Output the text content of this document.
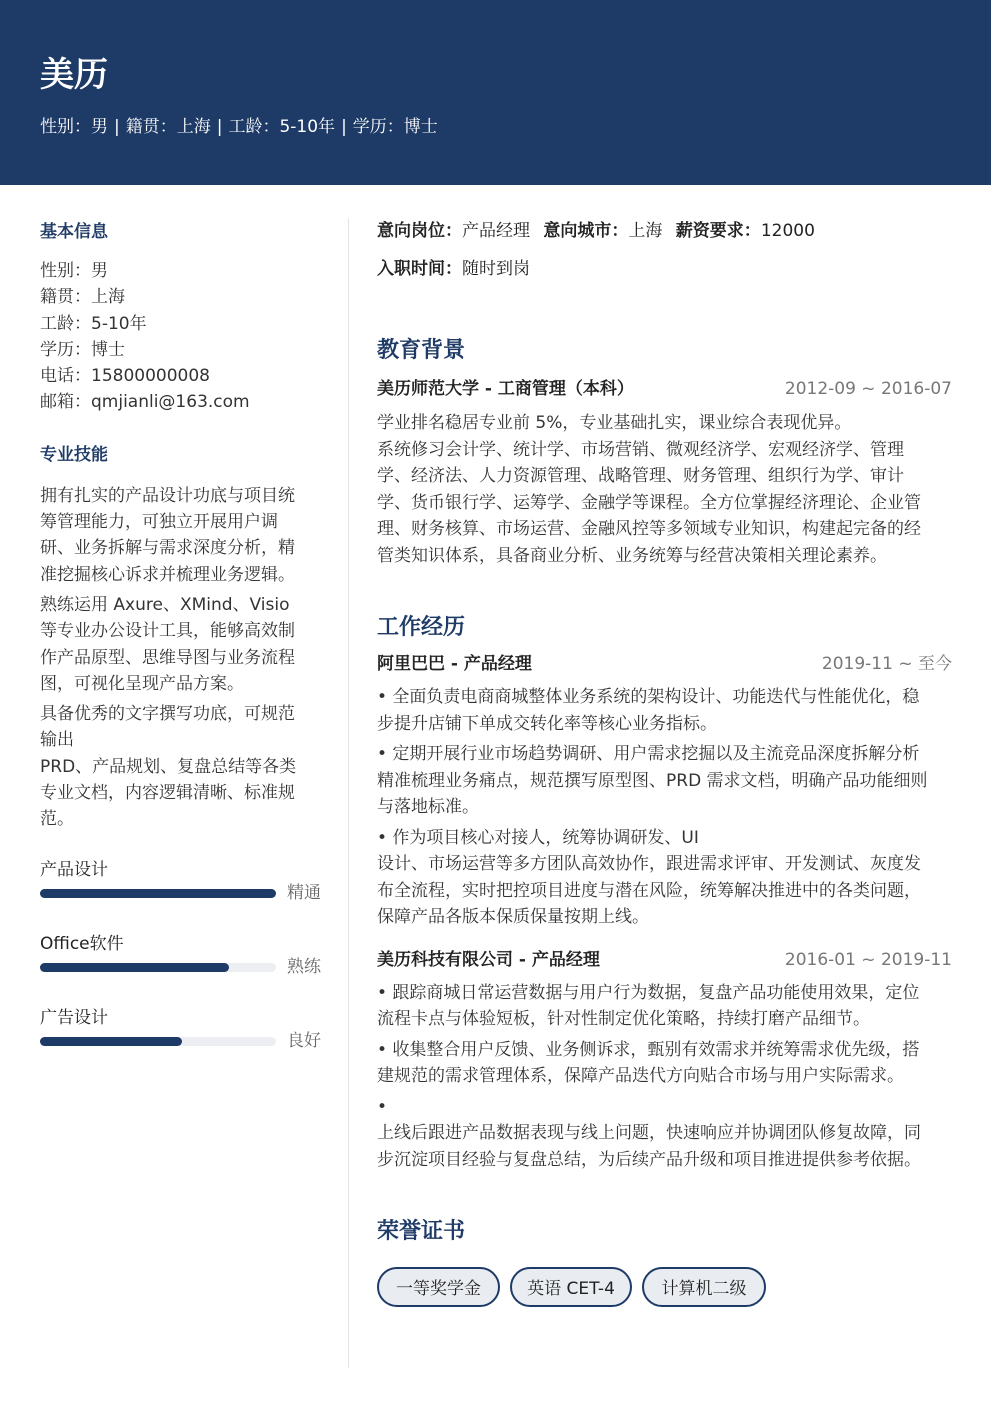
美历
性别：男 | 籍贯：上海 | 工龄：5-10年 | 学历：博士
基本信息
性别：男
籍贯：上海
工龄：5-10年
学历：博士
电话：15800000008
邮箱：qmjianli@163.com
专业技能
拥有扎实的产品设计功底与项目统
筹管理能力，可独立开展用户调
研、业务拆解与需求深度分析，精
准挖掘核心诉求并梳理业务逻辑。
熟练运用 Axure、XMind、Visio
等专业办公设计工具，能够高效制
作产品原型、思维导图与业务流程
图，可视化呈现产品方案。
具备优秀的文字撰写功底，可规范
输出
PRD、产品规划、复盘总结等各类
专业文档，内容逻辑清晰、标准规
范。
产品设计
精通
Office软件
熟练
广告设计
良好
意向岗位：产品经理 意向城市：上海 薪资要求：12000
入职时间：随时到岗
教育背景
美历师范大学 - 工商管理（本科）	2012-09 ~ 2016-07
学业排名稳居专业前 5%，专业基础扎实，课业综合表现优异。
系统修习会计学、统计学、市场营销、微观经济学、宏观经济学、管理
学、经济法、人力资源管理、战略管理、财务管理、组织行为学、审计
学、货币银行学、运筹学、金融学等课程。全方位掌握经济理论、企业管
理、财务核算、市场运营、金融风控等多领域专业知识，构建起完备的经
管类知识体系，具备商业分析、业务统筹与经营决策相关理论素养。
工作经历
阿里巴巴 - 产品经理	2019-11 ~ 至今
• 全面负责电商商城整体业务系统的架构设计、功能迭代与性能优化，稳
步提升店铺下单成交转化率等核心业务指标。
• 定期开展行业市场趋势调研、用户需求挖掘以及主流竞品深度拆解分析
精准梳理业务痛点，规范撰写原型图、PRD 需求文档，明确产品功能细则
与落地标准。
• 作为项目核心对接人，统筹协调研发、UI
设计、市场运营等多方团队高效协作，跟进需求评审、开发测试、灰度发
布全流程，实时把控项目进度与潜在风险，统筹解决推进中的各类问题，
保障产品各版本保质保量按期上线。
美历科技有限公司 - 产品经理	2016-01 ~ 2019-11
• 跟踪商城日常运营数据与用户行为数据，复盘产品功能使用效果，定位
流程卡点与体验短板，针对性制定优化策略，持续打磨产品细节。
• 收集整合用户反馈、业务侧诉求，甄别有效需求并统筹需求优先级，搭
建规范的需求管理体系，保障产品迭代方向贴合市场与用户实际需求。
•
上线后跟进产品数据表现与线上问题，快速响应并协调团队修复故障，同
步沉淀项目经验与复盘总结，为后续产品升级和项目推进提供参考依据。
荣誉证书
一等奖学金	英语 CET-4	计算机二级
